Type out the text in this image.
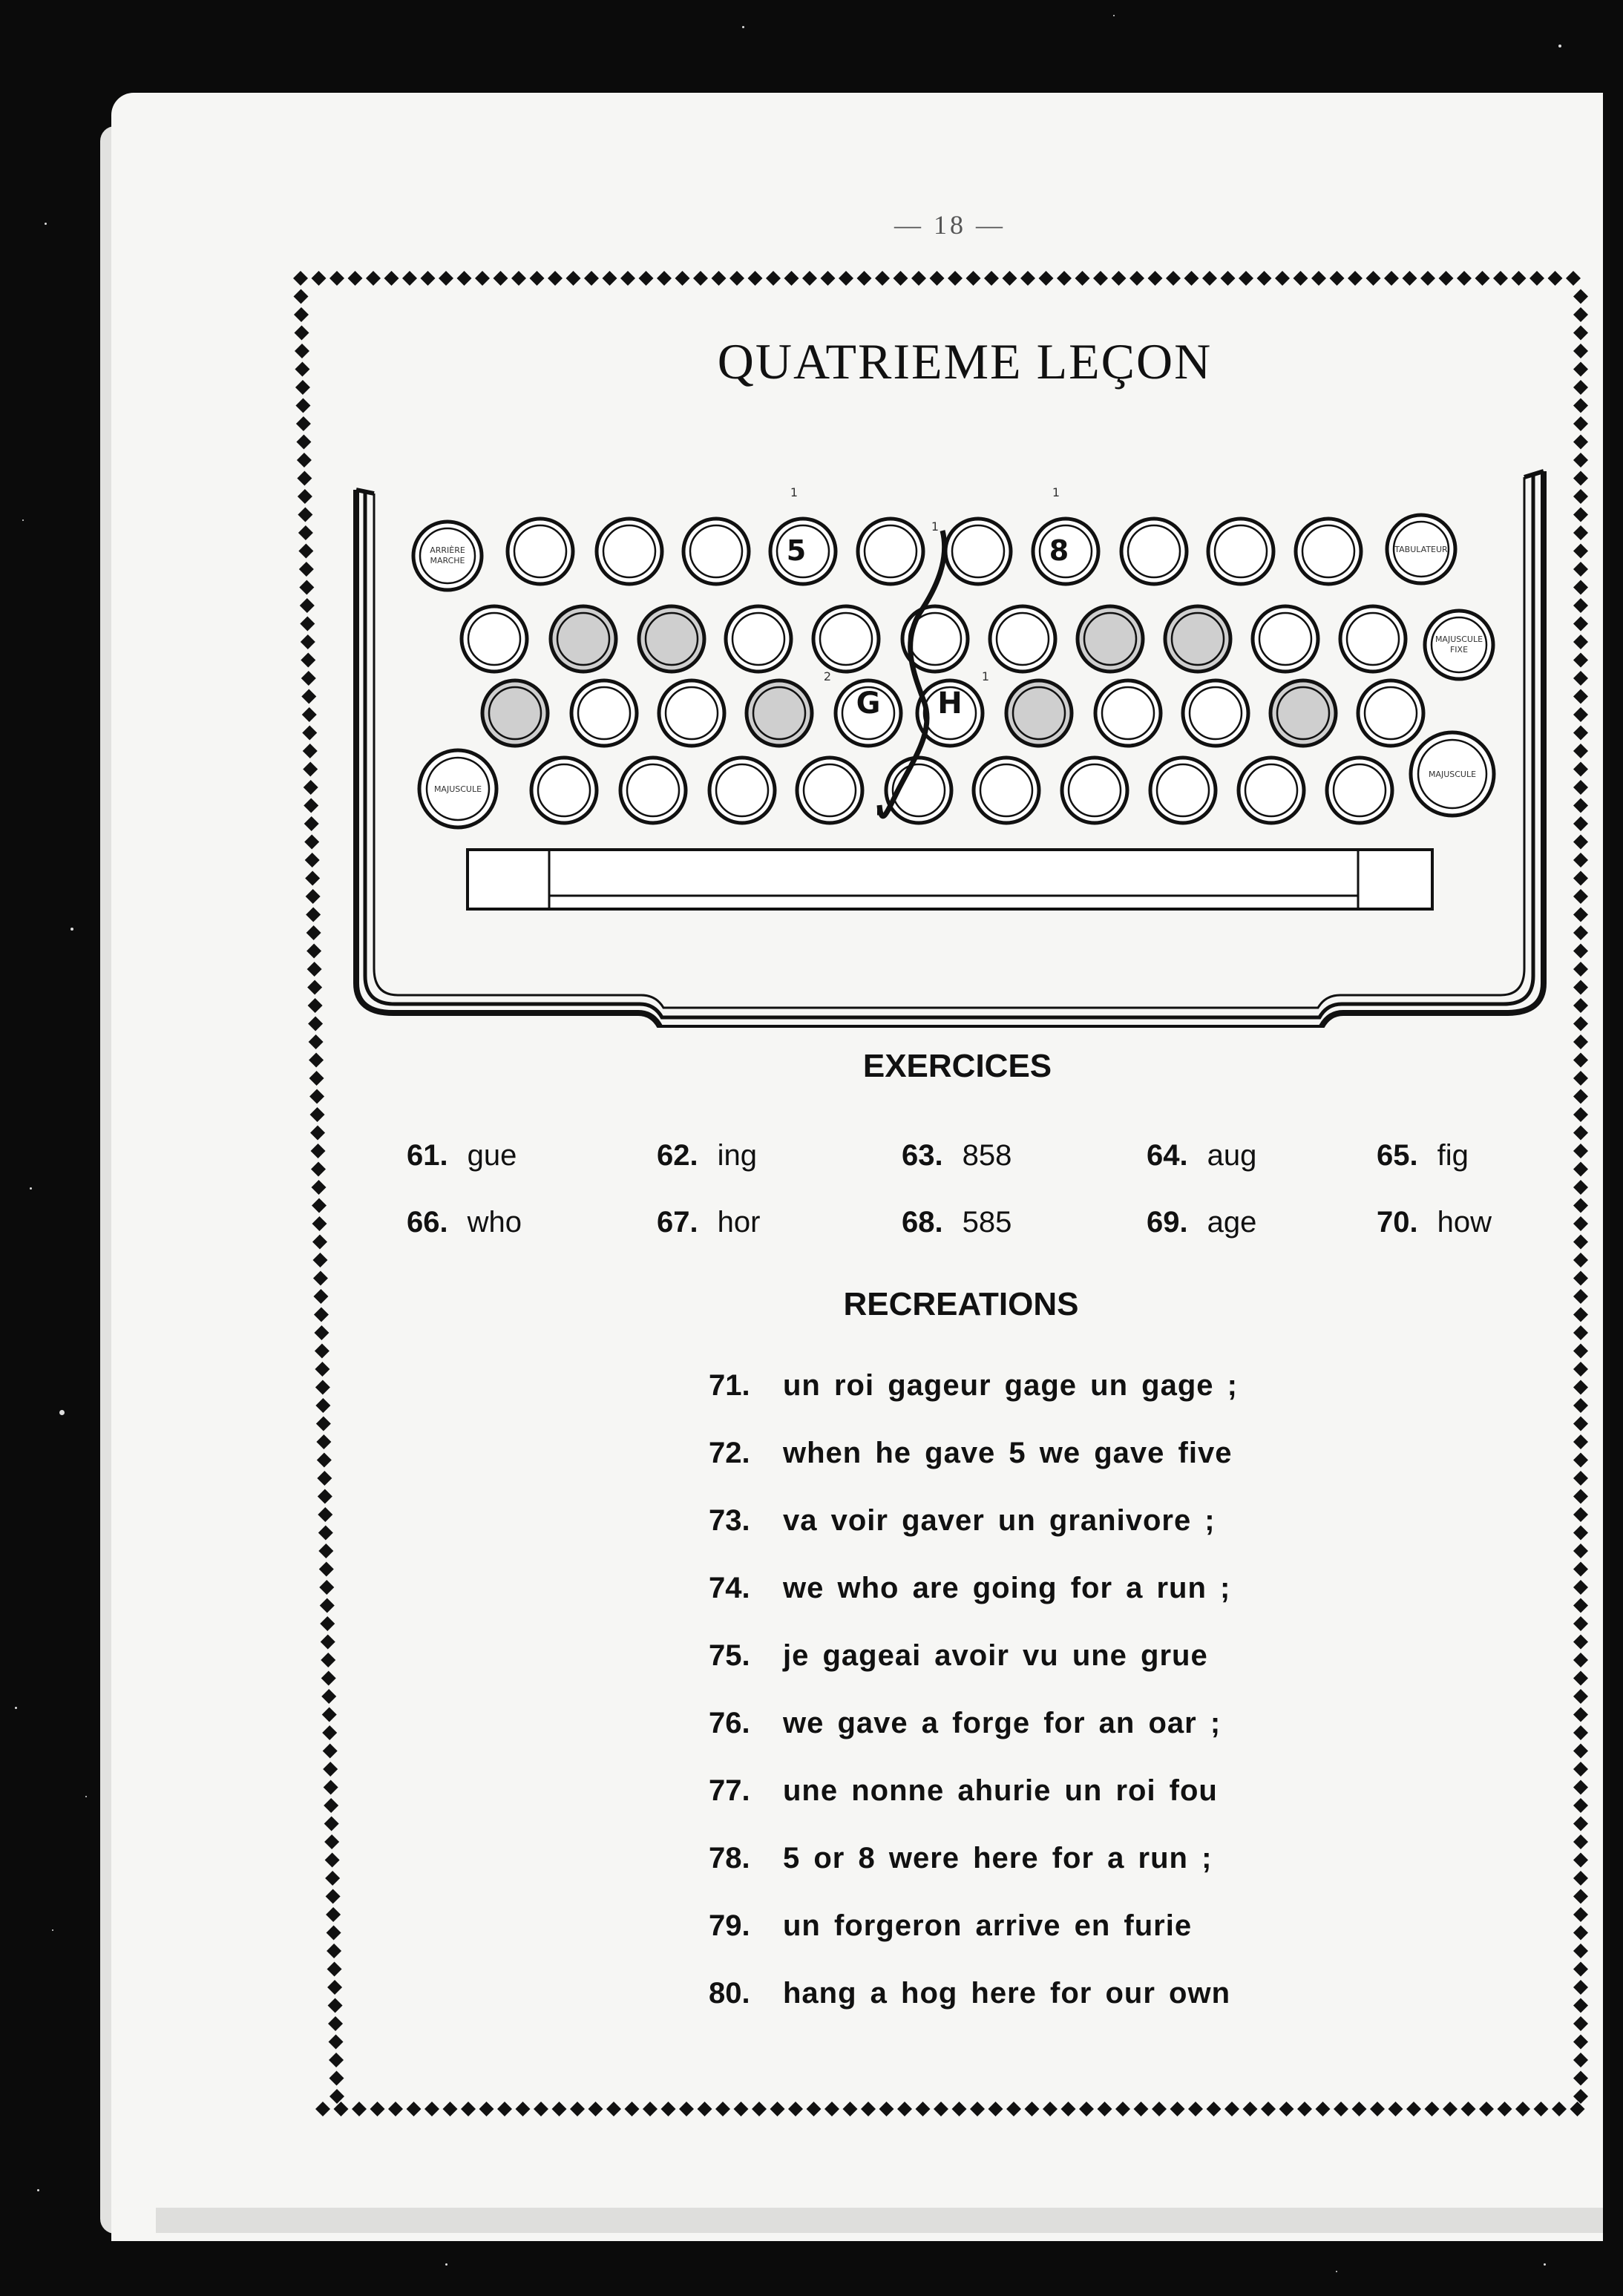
— 18 —
QUATRIEME LEÇON
ARRIÈRE
MARCHE
TABULATEUR
MAJUSCULE
FIXE
MAJUSCULE
MAJUSCULE
5
1
8
1
G
2
H
1
1
EXERCICES
61. gue	62. ing	63. 858	64. aug	65. fig
66. who	67. hor	68. 585	69. age	70. how
RECREATIONS
71. un roi gageur gage un gage ;
72. when he gave 5 we gave five
73. va voir gaver un granivore ;
74. we who are going for a run ;
75. je gageai avoir vu une grue
76. we gave a forge for an oar ;
77. une nonne ahurie un roi fou
78. 5 or 8 were here for a run ;
79. un forgeron arrive en furie
80. hang a hog here for our own
